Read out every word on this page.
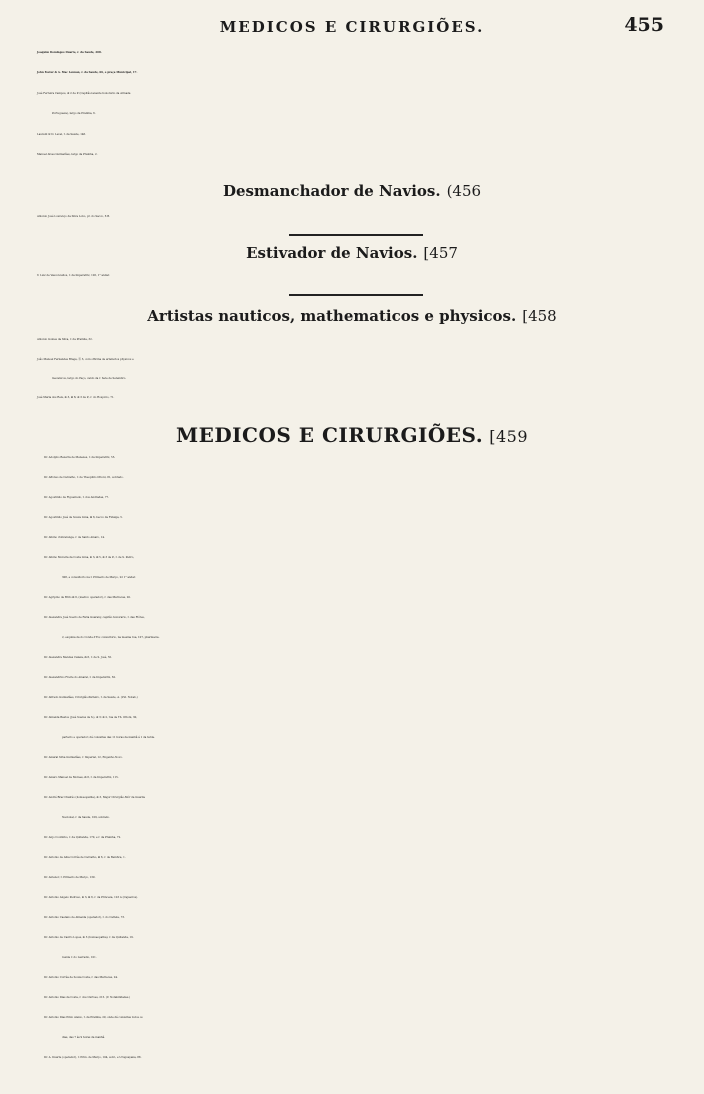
MEDICOS E CIRURGIÕES.	455
Joaquim Domingos Duarte, r. da Saude, 208.
John Foster & A. Mac Lennan, r. da Saude, 66, e praça Municipal, 17.
José Ferreira Campos, ✠ 2 de P. (Capitão-tenente honorario da Armada
Portugueza), largo da Prainha, 6.
Laurent & D. Level, r. da Saude, 146.
Manoel Alves Guimarães, largo da Prainha, 2.
Desmanchador de Navios. (456
Antonio José Lourenço da Silva Lobo, pr. do Sacco, 6 B.
Estivador de Navios. [457
V. Luiz de Vasconcellos, r. da Imperatriz, 126, 1° andar.
Artistas nauticos, mathematicos e physicos. [458
Antonio Gomes da Silva, r. da Prainha, 32.
João Manoel Fernandes Braga, Ⓢ 3, com officina de artefactos physicos e
mecanicos, largo do Paço, canto da r. Sete de Setembro.
José Maria dos Reis, ✠ 3, ✪ 6; ✠ 3 de P., r. do Hospicio, 71.
MEDICOS E CIRURGIÕES. [459
Dr. Adolpho Bezerra de Menezes, r. da Imperatriz, 55.
Dr. Affonso de Carvalho, r. de Theophilo Ottoni, 81, sobrado.
Dr. Agostinho de Figueiredo, r. dos Andradas, 77.
Dr. Agostinho José de Souza Lima, ✪ 6, becco da Fidalga, 5.
Dr. Albino d'Alvarenga, r. de Santo Amaro, 14.
Dr. Albino Moreira da Costa Lima, ✠ 3, ✪ 5, ✠ 3 de P., r. de S. Pedro,
308, e consultorio na r. Primeiro de Março, 22 1° andar.
Dr. Agripino de Brito ✪ 6, (medico operador), r. das Marrecas, 20.
Dr. Alexandre José Soeiro de Faria Guarany, capitão honorario, r. das Flôres,
2, esquina da do Conde d'Eu; consultorio, na mesma rua, 107, pharmacia.
Dr. Alexandre Mendes Calaza, ✪ 6, r. de S. José, 55.
Dr. Alexandrino Freire do Amaral, r. da Imperatriz, 50.
Dr. Alfredo Guimarães, Cirurgião-Parteiro, r. da Saude, A. (Vid. Notab.)
Dr. Almeida Bastos (José Soares de S.), ✠ 3; ✠ 2, rua de Th. Ottoni, 30,
parteiro e operador; dá consultas das 11 horas da manhã á 1 da tarde.
Dr. Amaral Silva Guimarães, r. Imperial, 12, Engenho-Novo.
Dr. Amaro Manoel de Moraes, ✪ 6, r. da Imperatriz, 115.
Dr. André Braz Chalréo (homœopatha), ✠ 3, Major Cirurgião-Mór da Guarda
Nacional, r. da Saude, 109, sobrado.
Dr. Anjo Coutinho, r. da Quitanda, 170, e r. da Prainha, 72.
Dr. Antonio de Alba Corrêa de Carvalho, ✪ 6, r. de Bemfica, 1.
Dr. Antenor, r. Primeiro de Março, 139.
Dr. Antonio Angelo Pedroso, ✠ 3, ✪ 6, r. da Princeza, 123 A (Cajueiros).
Dr. Antonio Caetano de Almeida (operador), r. do Cattete, 73.
Dr. Antonio de Castro Lopes, ✠ 3 (homœopatha), r. da Quitanda, 19.
reside r. do Lavradio, 101.
Dr. Antonio Corrêa de Souza Costa, r. das Marrecas, 24.
Dr. Antonio Dias da Costa, r. dos Ourives, 215. (V. Notabilidades.)
Dr. Antonio Dias Pinto Aleixo, r. da Prainha, 29, onde dá consultas todos os
dias, das 7 ás 9 horas da manhã.
Dr. A. Duarte (operador), r. Prim. de Março, 104, sobr., e Uruguayana, 88.
